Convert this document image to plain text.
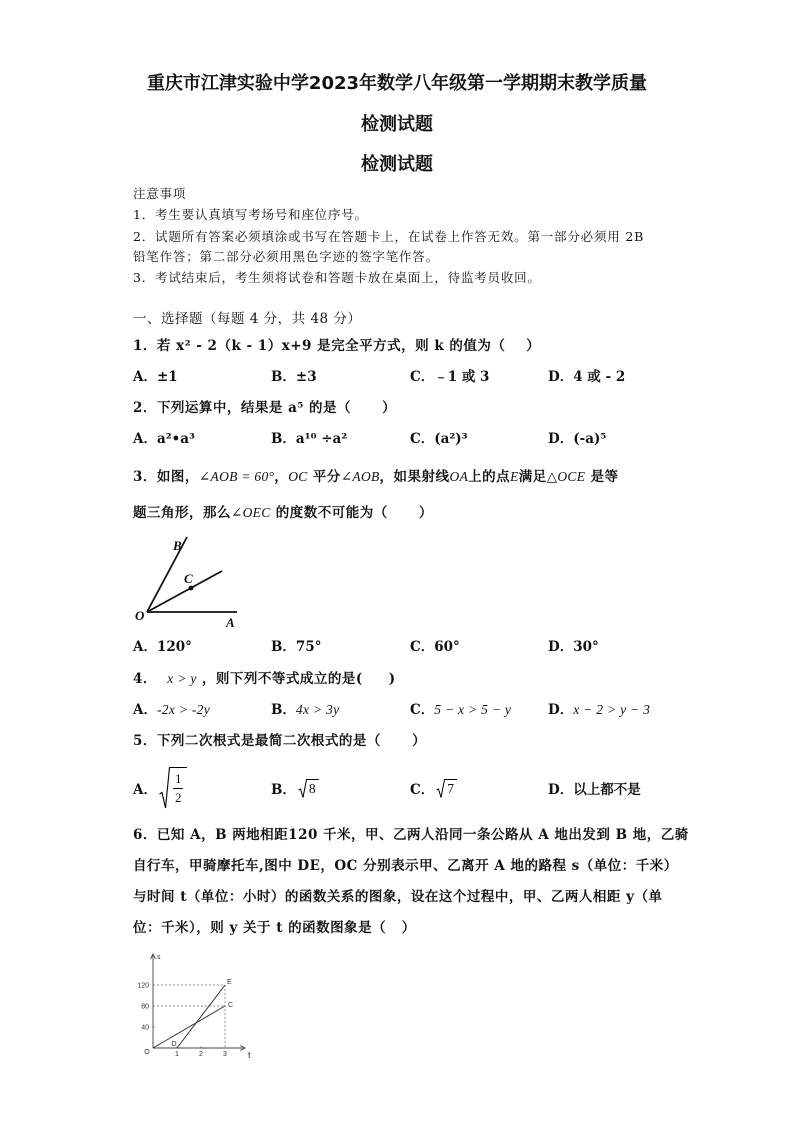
重庆市江津实验中学2023年数学八年级第一学期期末教学质量
检测试题
检测试题
注意事项
1．考生要认真填写考场号和座位序号。
2．试题所有答案必须填涂或书写在答题卡上，在试卷上作答无效。第一部分必须用 2B
铅笔作答；第二部分必须用黑色字迹的签字笔作答。
3．考试结束后，考生须将试卷和答题卡放在桌面上，待监考员收回。
一、选择题（每题 4 分，共 48 分）
1．若 x² - 2（k - 1）x+9 是完全平方式，则 k 的值为（    ）
A．±1	B．±3	C．﹣1 或 3	D．4 或 - 2
2．下列运算中，结果是 a⁵ 的是（      ）
A．a²•a³	B．a¹⁰ ÷a²	C．(a²)³	D．(-a)⁵
3．如图，∠AOB = 60°，OC 平分∠AOB，如果射线OA上的点E满足△OCE 是等
题三角形，那么∠OEC 的度数不可能为（      ）
B
C
O	A
A．120°	B．75°	C．60°	D．30°
4．  x > y ，则下列不等式成立的是(     )
A．-2x > -2y	B．4x > 3y	C．5 − x > 5 − y	D．x − 2 > y − 3
5．下列二次根式是最简二次根式的是（      ）
A． $\frac{1}{2}$	B． 8	C． 7	D． 以上都不是
6．已知 A，B 两地相距120 千米，甲、乙两人沿同一条公路从 A 地出发到 B 地，乙骑
自行车，甲骑摩托车,图中 DE，OC 分别表示甲、乙离开 A 地的路程 s（单位：千米）
与时间 t（单位：小时）的函数关系的图象，设在这个过程中，甲、乙两人相距 y（单
位：千米），则 y 关于 t 的函数图象是（   ）
s
t
120
80
40
O	1	2	3
D
E
C
